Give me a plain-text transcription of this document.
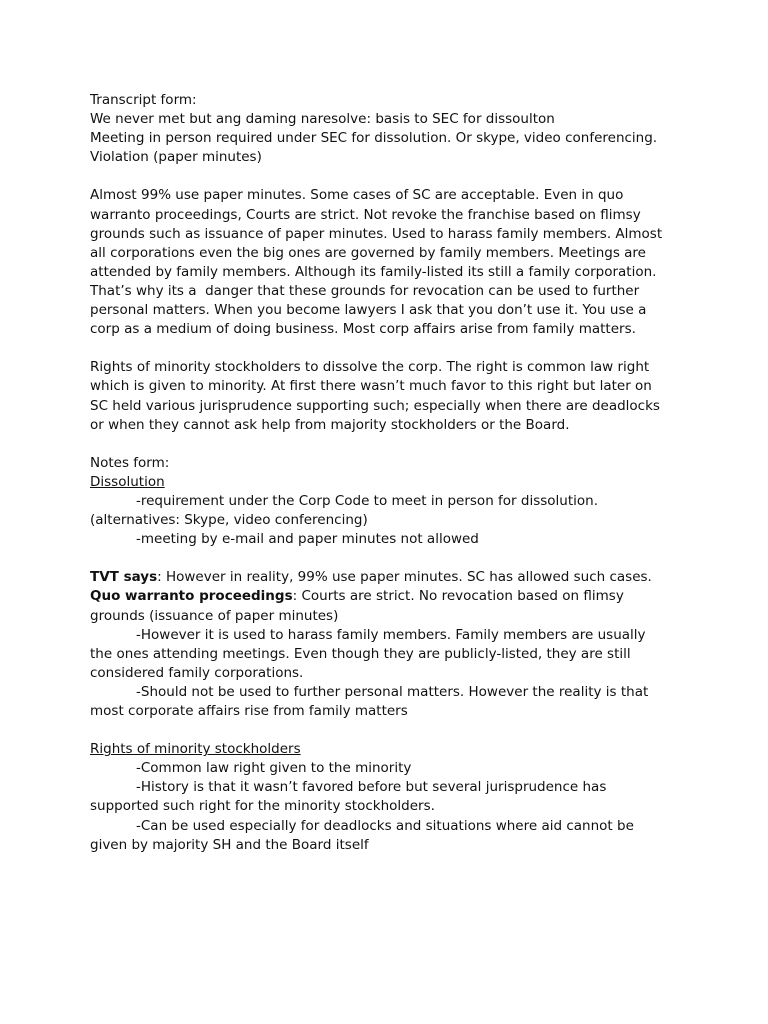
Transcript form:

We never met but ang daming naresolve: basis to SEC for dissoulton

Meeting in person required under SEC for dissolution. Or skype, video conferencing.

Violation (paper minutes)

Almost 99% use paper minutes. Some cases of SC are acceptable. Even in quo

warranto proceedings, Courts are strict. Not revoke the franchise based on flimsy

grounds such as issuance of paper minutes. Used to harass family members. Almost

all corporations even the big ones are governed by family members. Meetings are

attended by family members. Although its family-listed its still a family corporation.

That’s why its a  danger that these grounds for revocation can be used to further

personal matters. When you become lawyers I ask that you don’t use it. You use a

corp as a medium of doing business. Most corp affairs arise from family matters.

Rights of minority stockholders to dissolve the corp. The right is common law right

which is given to minority. At first there wasn’t much favor to this right but later on

SC held various jurisprudence supporting such; especially when there are deadlocks

or when they cannot ask help from majority stockholders or the Board.

Notes form:

Dissolution

-requirement under the Corp Code to meet in person for dissolution.

(alternatives: Skype, video conferencing)

-meeting by e-mail and paper minutes not allowed

TVT says: However in reality, 99% use paper minutes. SC has allowed such cases.

Quo warranto proceedings: Courts are strict. No revocation based on flimsy

grounds (issuance of paper minutes)

-However it is used to harass family members. Family members are usually

the ones attending meetings. Even though they are publicly-listed, they are still

considered family corporations.

-Should not be used to further personal matters. However the reality is that

most corporate affairs rise from family matters

Rights of minority stockholders

-Common law right given to the minority

-History is that it wasn’t favored before but several jurisprudence has

supported such right for the minority stockholders.

-Can be used especially for deadlocks and situations where aid cannot be

given by majority SH and the Board itself
